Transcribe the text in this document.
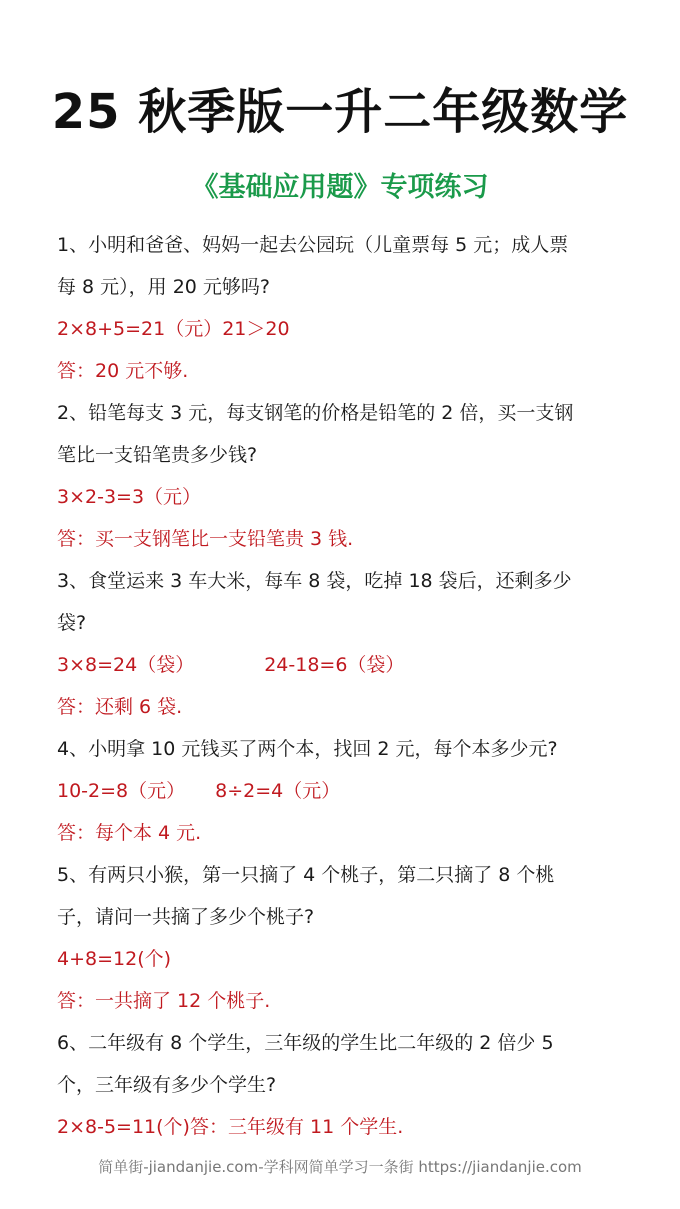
25 秋季版一升二年级数学
《基础应用题》专项练习
1、小明和爸爸、妈妈一起去公园玩（儿童票每 5 元；成人票
每 8 元），用 20 元够吗?
2×8+5=21（元）21＞20
答：20 元不够.
2、铅笔每支 3 元，每支钢笔的价格是铅笔的 2 倍，买一支钢
笔比一支铅笔贵多少钱?
3×2-3=3（元）
答：买一支钢笔比一支铅笔贵 3 钱.
3、食堂运来 3 车大米，每车 8 袋，吃掉 18 袋后，还剩多少
袋?
3×8=24（袋）	24-18=6（袋）
答：还剩 6 袋.
4、小明拿 10 元钱买了两个本，找回 2 元，每个本多少元?
10-2=8（元） 8÷2=4（元）
答：每个本 4 元.
5、有两只小猴，第一只摘了 4 个桃子，第二只摘了 8 个桃
子，请问一共摘了多少个桃子?
4+8=12(个)
答：一共摘了 12 个桃子.
6、二年级有 8 个学生，三年级的学生比二年级的 2 倍少 5
个，三年级有多少个学生?
2×8-5=11(个)答：三年级有 11 个学生.
简单街-jiandanjie.com-学科网简单学习一条街 https://jiandanjie.com
